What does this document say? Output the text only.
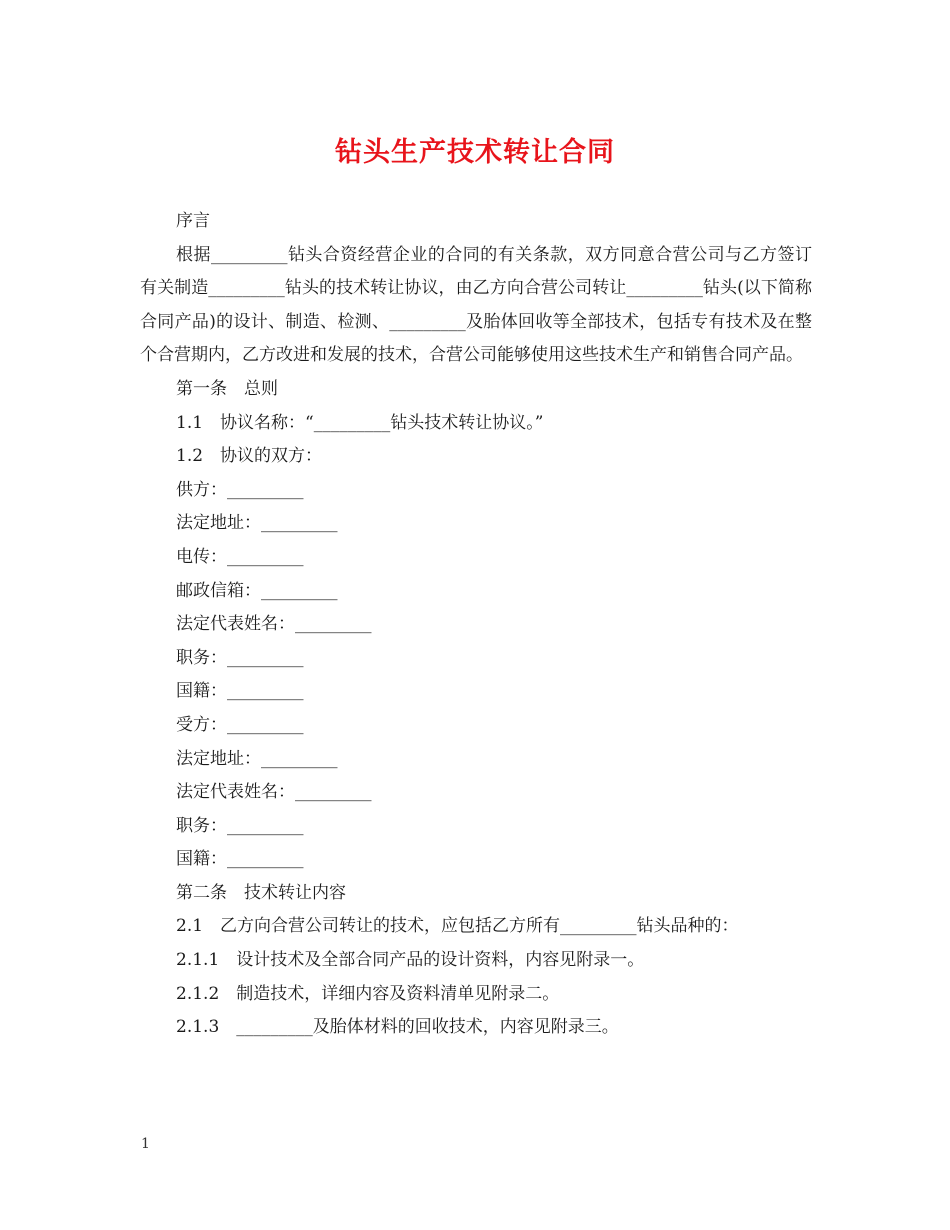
钻头生产技术转让合同
序言
根据_________钻头合资经营企业的合同的有关条款，双方同意合营公司与乙方签订有关制造_________钻头的技术转让协议，由乙方向合营公司转让_________钻头(以下简称合同产品)的设计、制造、检测、_________及胎体回收等全部技术，包括专有技术及在整个合营期内，乙方改进和发展的技术，合营公司能够使用这些技术生产和销售合同产品。
第一条　总则
1.1　协议名称：“_________钻头技术转让协议。”
1.2　协议的双方：
供方：_________
法定地址：_________
电传：_________
邮政信箱：_________
法定代表姓名：_________
职务：_________
国籍：_________
受方：_________
法定地址：_________
法定代表姓名：_________
职务：_________
国籍：_________
第二条　技术转让内容
2.1　乙方向合营公司转让的技术，应包括乙方所有_________钻头品种的：
2.1.1　设计技术及全部合同产品的设计资料，内容见附录一。
2.1.2　制造技术，详细内容及资料清单见附录二。
2.1.3　_________及胎体材料的回收技术，内容见附录三。
1
